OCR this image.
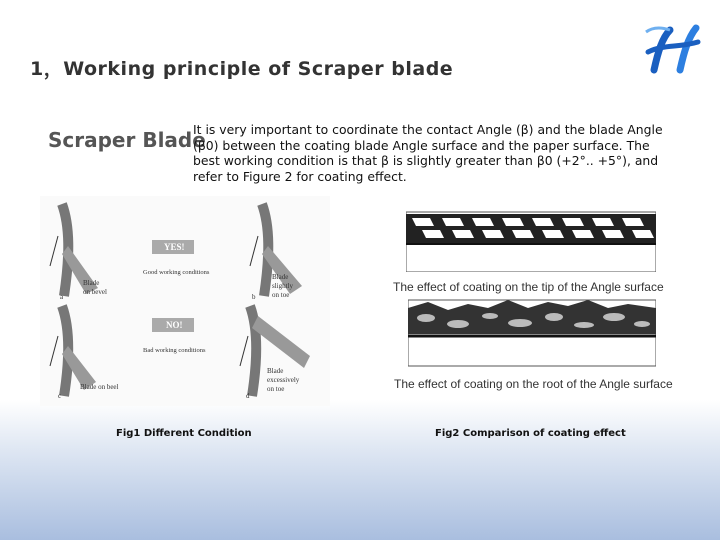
1，Working principle of Scraper blade
Scraper Blade
It is very important to coordinate the contact Angle (β) and the blade Angle (β0) between the coating blade Angle surface and the paper surface. The best working condition is that β is slightly greater than β0 (+2°.. +5°), and refer to Figure 2 for coating effect.
Blade
on bevel
a
YES!
Good working conditions
Blade
slightly
on toe
b
Blade on beel
c
NO!
Bad working conditions
Blade
excessively
on toe
d
The effect of coating on the tip of the Angle surface
The effect of coating on the root of the Angle surface
Fig1 Different Condition	Fig2 Comparison of coating effect
